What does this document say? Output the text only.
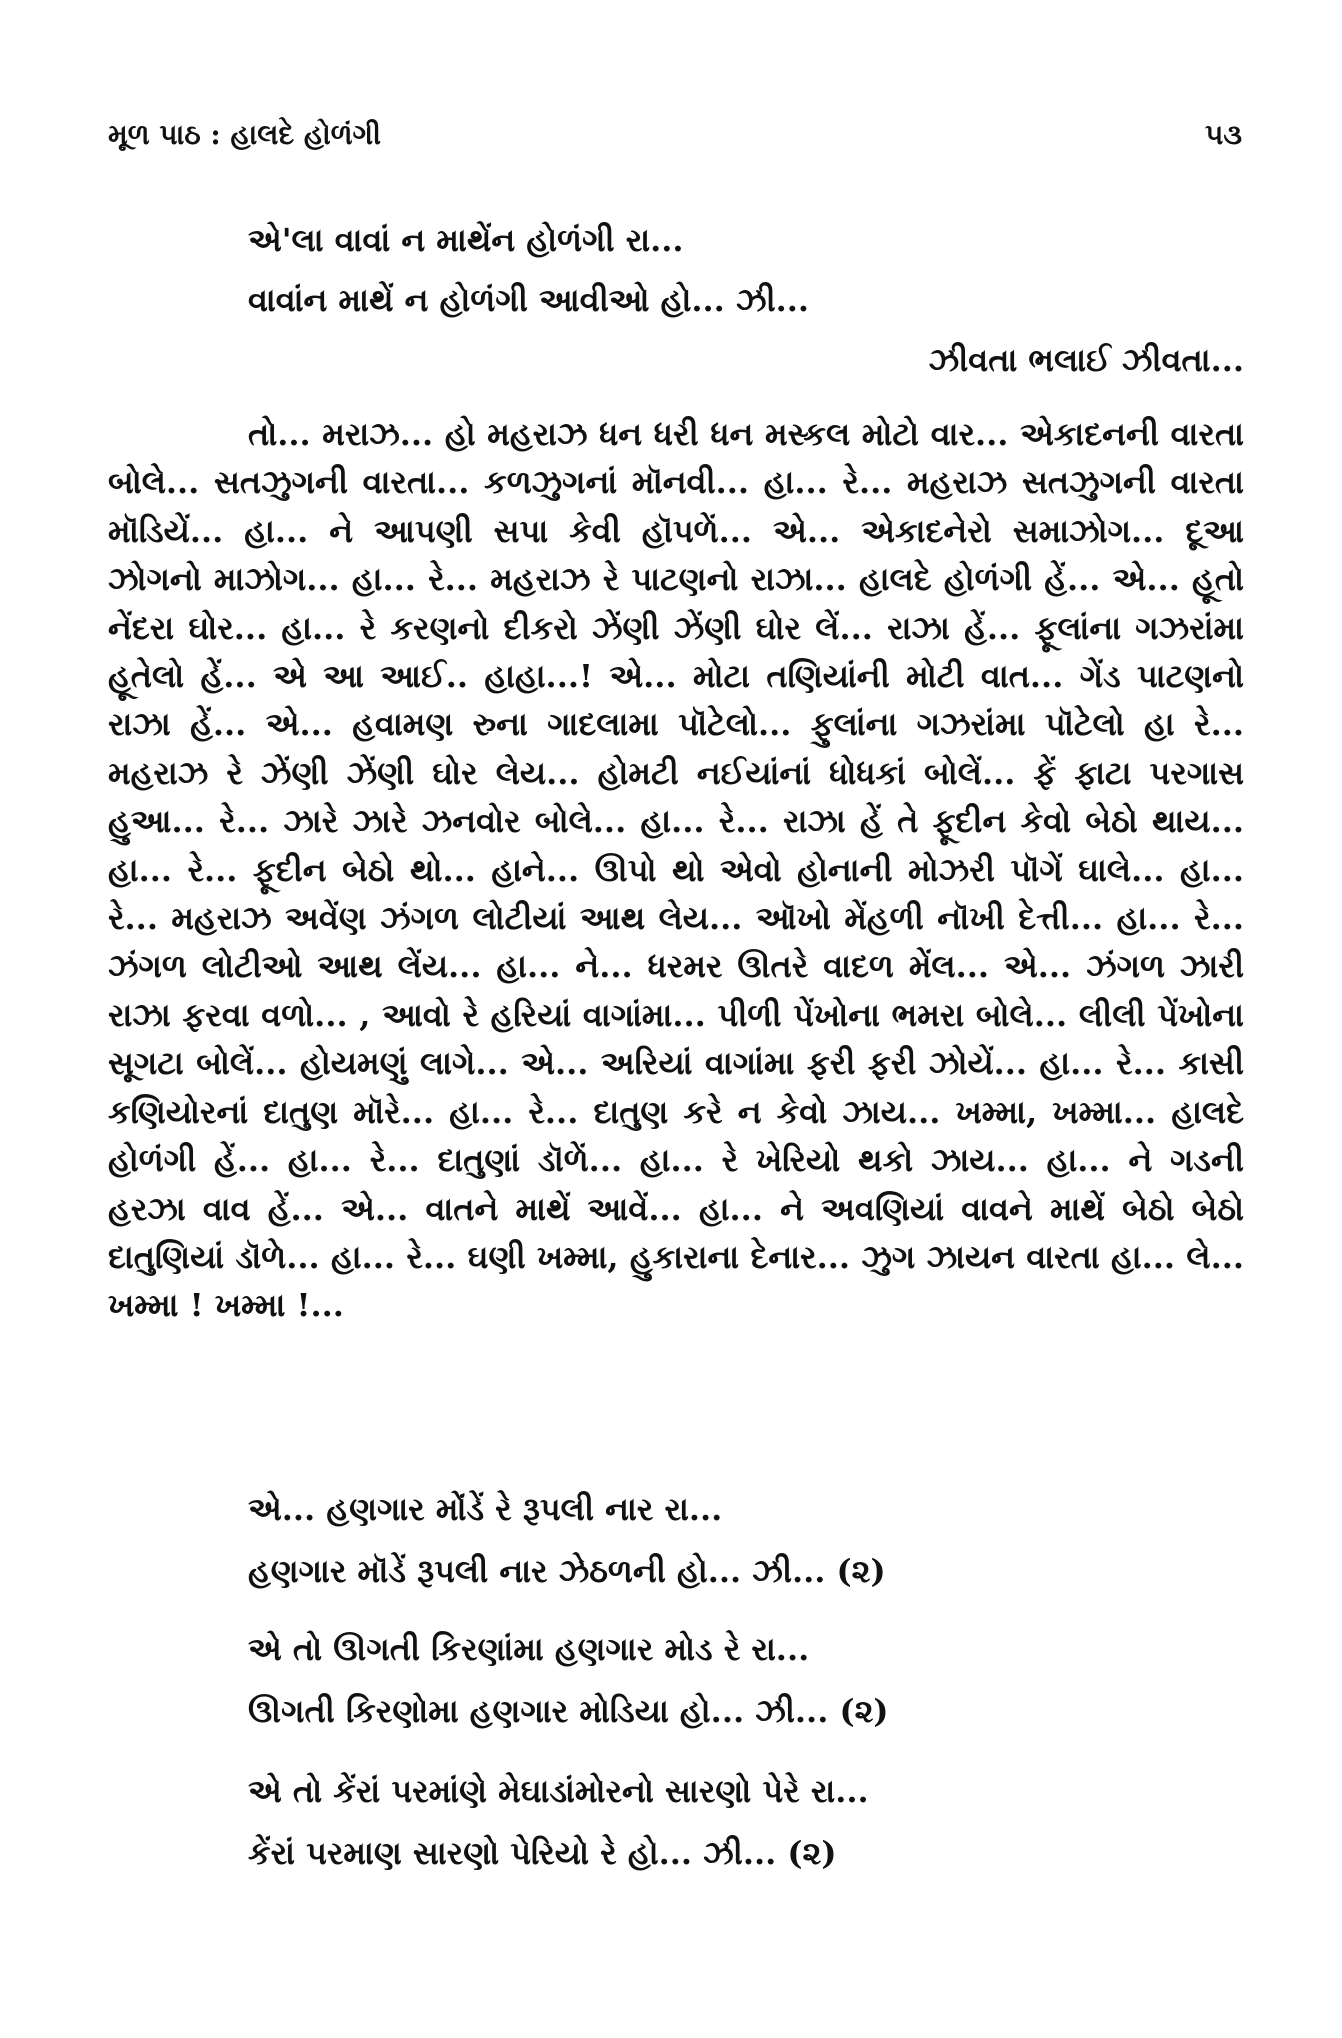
મૂળ પાઠ : હાલદે હોળંગી	૫૩
એ'લા વાવાં ન માથેંન હોળંગી રા...
વાવાંન માથેં ન હોળંગી આવીઓ હો... ઝી...
ઝીવતા ભલાઈ ઝીવતા...

તો... મરાઝ... હો મહરાઝ ધન ધરી ધન મસ્કલ મોટો વાર... એકાદનની વારતા બોલે... સતઝુગની વારતા... કળઝુગનાં મૉનવી... હા... રે... મહરાઝ સતઝુગની વારતા મૉડિયેં... હા... ને આપણી સપા કેવી હૉપળેં... એ... એકાદનેરો સમાઝોગ... દૂઆ ઝોગનો માઝોગ... હા... રે... મહરાઝ રે પાટણનો રાઝા... હાલદે હોળંગી હેં... એ... હૂતો નેંદરા ઘોર... હા... રે કરણનો દીકરો ઝેંણી ઝેંણી ઘોર લેં... રાઝા હેં... ફૂલાંના ગઝરાંમા હૂતેલો હેં... એ આ આઈ.. હાહા...! એ... મોટા તણિયાંની મોટી વાત... ગેંડ પાટણનો રાઝા હેં... એ... હવામણ રુના ગાદલામા પૉટેલો... ફુલાંના ગઝરાંમા પૉટેલો હા રે... મહરાઝ રે ઝેંણી ઝેંણી ઘોર લેય... હોમટી નઈયાંનાં ધોધકાં બોલેં... ફેં ફાટા પરગાસ હુઆ... રે... ઝારે ઝારે ઝનવોર બોલે... હા... રે... રાઝા હેં તે ફૂદીન કેવો બેઠો થાય... હા... રે... ફૂદીન બેઠો થો... હાને... ઊપો થો એવો હોનાની મોઝરી પૉગેં ઘાલે... હા... રે... મહરાઝ અવેંણ ઝંગળ લોટીયાં આથ લેય... ઑખો મેંહળી નૉખી દેત્તી... હા... રે... ઝંગળ લોટીઓ આથ લેંય... હા... ને... ધરમર ઊતરે વાદળ મેંલ... એ... ઝંગળ ઝારી રાઝા ફરવા વળો... , આવો રે હરિયાં વાગાંમા... પીળી પેંખોના ભમરા બોલે... લીલી પેંખોના સૂગટા બોલેં... હોયમણું લાગે... એ... અરિયાં વાગાંમા ફરી ફરી ઝોયેં... હા... રે... કાસી કણિયોરનાં દાતુણ મૉરે... હા... રે... દાતુણ કરે ન કેવો ઝાય... ખમ્મા, ખમ્મા... હાલદે હોળંગી હેં... હા... રે... દાતુણાં ડૉળેં... હા... રે ખેરિયો થકો ઝાય... હા... ને ગડની હરઝા વાવ હેં... એ... વાતને માથેં આવેં... હા... ને અવણિયાં વાવને માથેં બેઠો બેઠો દાતુણિયાં ડૉળે... હા... રે... ઘણી ખમ્મા, હુકારાના દેનાર... ઝુગ ઝાયન વારતા હા... લે... ખમ્મા ! ખમ્મા !...

એ... હણગાર મોંડેં રે રૂપલી નાર રા...
હણગાર મૉડેં રૂપલી નાર ઝેઠળની હો... ઝી... (૨)
એ તો ઊગતી કિરણાંમા હણગાર મોડ રે રા...
ઊગતી કિરણોમા હણગાર મોડિયા હો... ઝી... (૨)
એ તો કેંરાં પરમાંણે મેઘાડાંમોરનો સારણો પેરે રા...
કેંરાં પરમાણ સારણો પેરિયો રે હો... ઝી... (૨)
